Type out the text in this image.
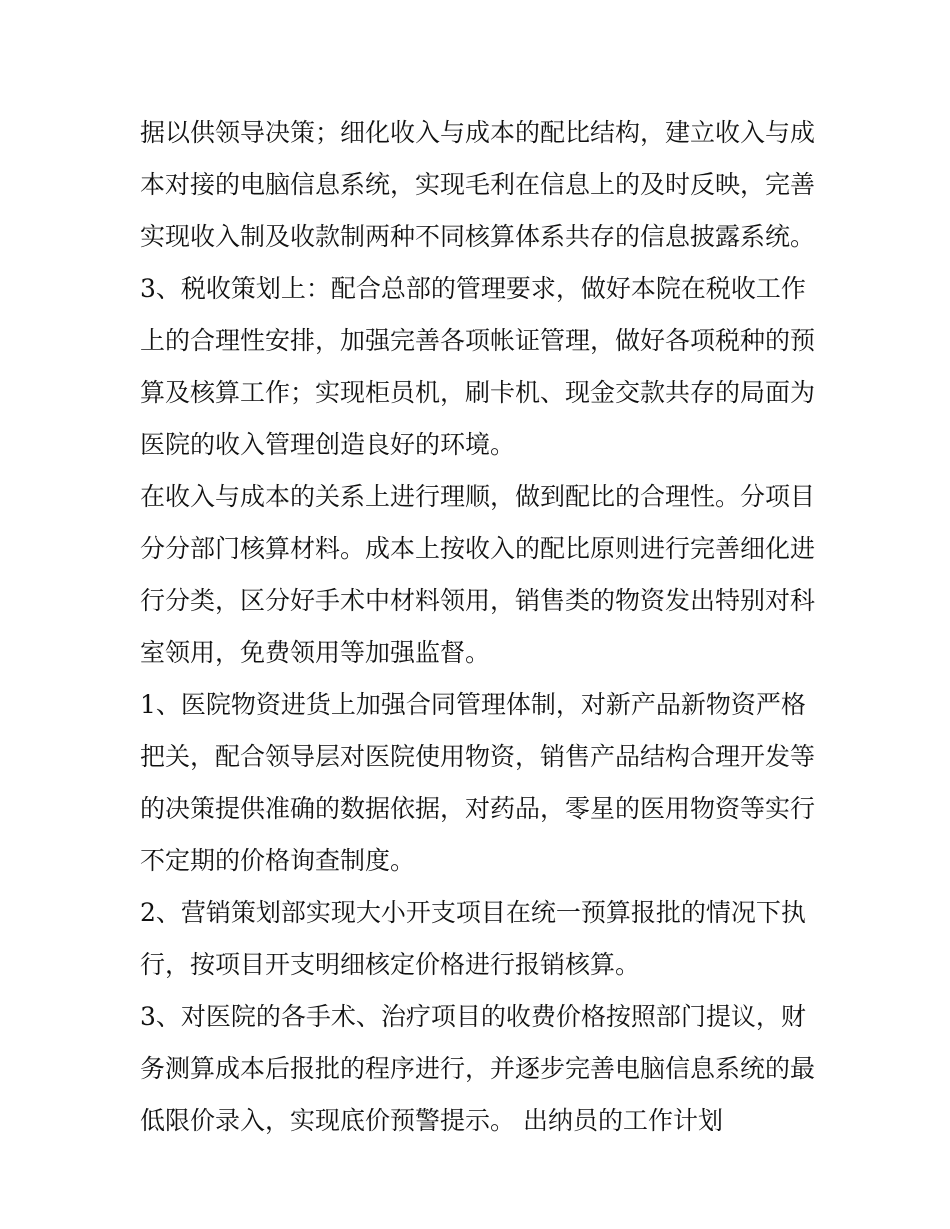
据以供领导决策；细化收入与成本的配比结构，建立收入与成
本对接的电脑信息系统，实现毛利在信息上的及时反映，完善
实现收入制及收款制两种不同核算体系共存的信息披露系统。
3、税收策划上：配合总部的管理要求，做好本院在税收工作
上的合理性安排，加强完善各项帐证管理，做好各项税种的预
算及核算工作；实现柜员机，刷卡机、现金交款共存的局面为
医院的收入管理创造良好的环境。
在收入与成本的关系上进行理顺，做到配比的合理性。分项目
分分部门核算材料。成本上按收入的配比原则进行完善细化进
行分类，区分好手术中材料领用，销售类的物资发出特别对科
室领用，免费领用等加强监督。
1、医院物资进货上加强合同管理体制，对新产品新物资严格
把关，配合领导层对医院使用物资，销售产品结构合理开发等
的决策提供准确的数据依据，对药品，零星的医用物资等实行
不定期的价格询查制度。
2、营销策划部实现大小开支项目在统一预算报批的情况下执
行，按项目开支明细核定价格进行报销核算。
3、对医院的各手术、治疗项目的收费价格按照部门提议，财
务测算成本后报批的程序进行，并逐步完善电脑信息系统的最
低限价录入，实现底价预警提示。 出纳员的工作计划
